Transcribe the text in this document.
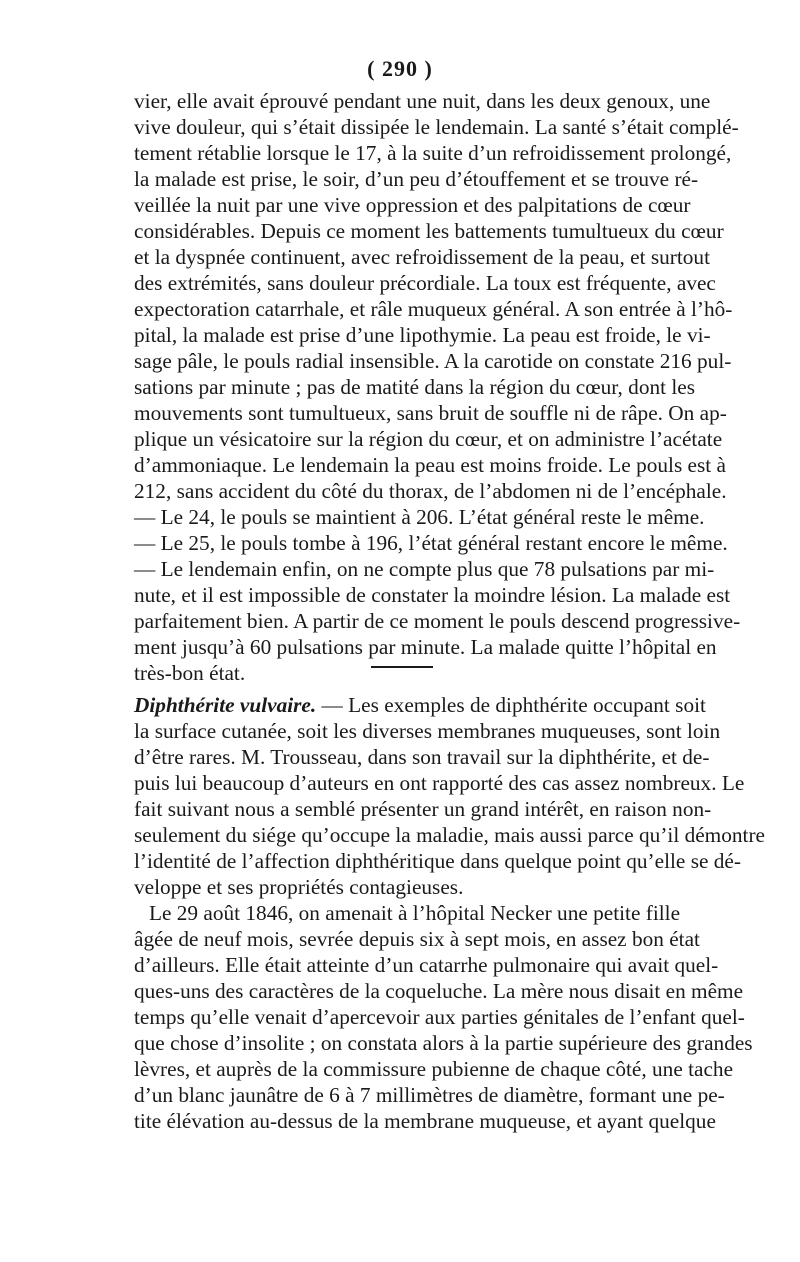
( 290 )
vier, elle avait éprouvé pendant une nuit, dans les deux genoux, une
vive douleur, qui s’était dissipée le lendemain. La santé s’était complé-
tement rétablie lorsque le 17, à la suite d’un refroidissement prolongé,
la malade est prise, le soir, d’un peu d’étouffement et se trouve ré-
veillée la nuit par une vive oppression et des palpitations de cœur
considérables. Depuis ce moment les battements tumultueux du cœur
et la dyspnée continuent, avec refroidissement de la peau, et surtout
des extrémités, sans douleur précordiale. La toux est fréquente, avec
expectoration catarrhale, et râle muqueux général. A son entrée à l’hô-
pital, la malade est prise d’une lipothymie. La peau est froide, le vi-
sage pâle, le pouls radial insensible. A la carotide on constate 216 pul-
sations par minute ; pas de matité dans la région du cœur, dont les
mouvements sont tumultueux, sans bruit de souffle ni de râpe. On ap-
plique un vésicatoire sur la région du cœur, et on administre l’acétate
d’ammoniaque. Le lendemain la peau est moins froide. Le pouls est à
212, sans accident du côté du thorax, de l’abdomen ni de l’encéphale.
— Le 24, le pouls se maintient à 206. L’état général reste le même.
— Le 25, le pouls tombe à 196, l’état général restant encore le même.
— Le lendemain enfin, on ne compte plus que 78 pulsations par mi-
nute, et il est impossible de constater la moindre lésion. La malade est
parfaitement bien. A partir de ce moment le pouls descend progressive-
ment jusqu’à 60 pulsations par minute. La malade quitte l’hôpital en
très-bon état.
Diphthérite vulvaire. — Les exemples de diphthérite occupant soit
la surface cutanée, soit les diverses membranes muqueuses, sont loin
d’être rares. M. Trousseau, dans son travail sur la diphthérite, et de-
puis lui beaucoup d’auteurs en ont rapporté des cas assez nombreux. Le
fait suivant nous a semblé présenter un grand intérêt, en raison non-
seulement du siége qu’occupe la maladie, mais aussi parce qu’il démontre
l’identité de l’affection diphthéritique dans quelque point qu’elle se dé-
veloppe et ses propriétés contagieuses.
Le 29 août 1846, on amenait à l’hôpital Necker une petite fille
âgée de neuf mois, sevrée depuis six à sept mois, en assez bon état
d’ailleurs. Elle était atteinte d’un catarrhe pulmonaire qui avait quel-
ques-uns des caractères de la coqueluche. La mère nous disait en même
temps qu’elle venait d’apercevoir aux parties génitales de l’enfant quel-
que chose d’insolite ; on constata alors à la partie supérieure des grandes
lèvres, et auprès de la commissure pubienne de chaque côté, une tache
d’un blanc jaunâtre de 6 à 7 millimètres de diamètre, formant une pe-
tite élévation au-dessus de la membrane muqueuse, et ayant quelque
